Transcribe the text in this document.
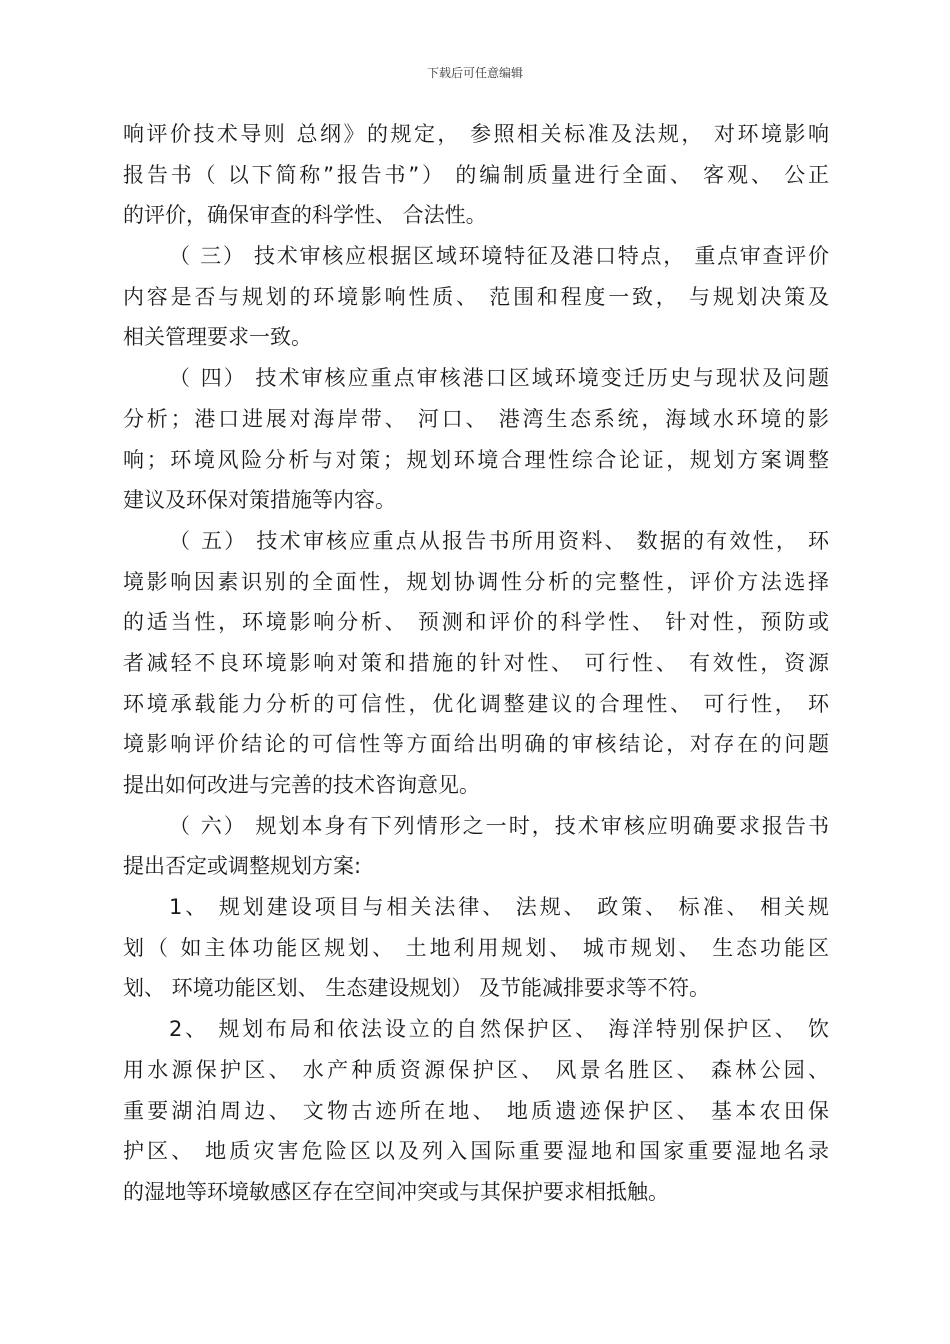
下载后可任意编辑
响评价技术导则 总纲》的规定， 参照相关标准及法规， 对环境影响
报告书（ 以下简称”报告书”） 的编制质量进行全面、 客观、 公正
的评价，确保审查的科学性、 合法性。
（ 三） 技术审核应根据区域环境特征及港口特点， 重点审查评价
内容是否与规划的环境影响性质、 范围和程度一致， 与规划决策及
相关管理要求一致。
（ 四） 技术审核应重点审核港口区域环境变迁历史与现状及问题
分析；港口进展对海岸带、 河口、 港湾生态系统，海域水环境的影
响；环境风险分析与对策；规划环境合理性综合论证，规划方案调整
建议及环保对策措施等内容。
（ 五） 技术审核应重点从报告书所用资料、 数据的有效性， 环
境影响因素识别的全面性，规划协调性分析的完整性，评价方法选择
的适当性，环境影响分析、 预测和评价的科学性、 针对性，预防或
者减轻不良环境影响对策和措施的针对性、 可行性、 有效性，资源
环境承载能力分析的可信性，优化调整建议的合理性、 可行性， 环
境影响评价结论的可信性等方面给出明确的审核结论，对存在的问题
提出如何改进与完善的技术咨询意见。
（ 六） 规划本身有下列情形之一时，技术审核应明确要求报告书
提出否定或调整规划方案:
1、 规划建设项目与相关法律、 法规、 政策、 标准、 相关规
划（ 如主体功能区规划、 土地利用规划、 城市规划、 生态功能区
划、 环境功能区划、 生态建设规划） 及节能减排要求等不符。
2、 规划布局和依法设立的自然保护区、 海洋特别保护区、 饮
用水源保护区、 水产种质资源保护区、 风景名胜区、 森林公园、
重要湖泊周边、 文物古迹所在地、 地质遗迹保护区、 基本农田保
护区、 地质灾害危险区以及列入国际重要湿地和国家重要湿地名录
的湿地等环境敏感区存在空间冲突或与其保护要求相抵触。
